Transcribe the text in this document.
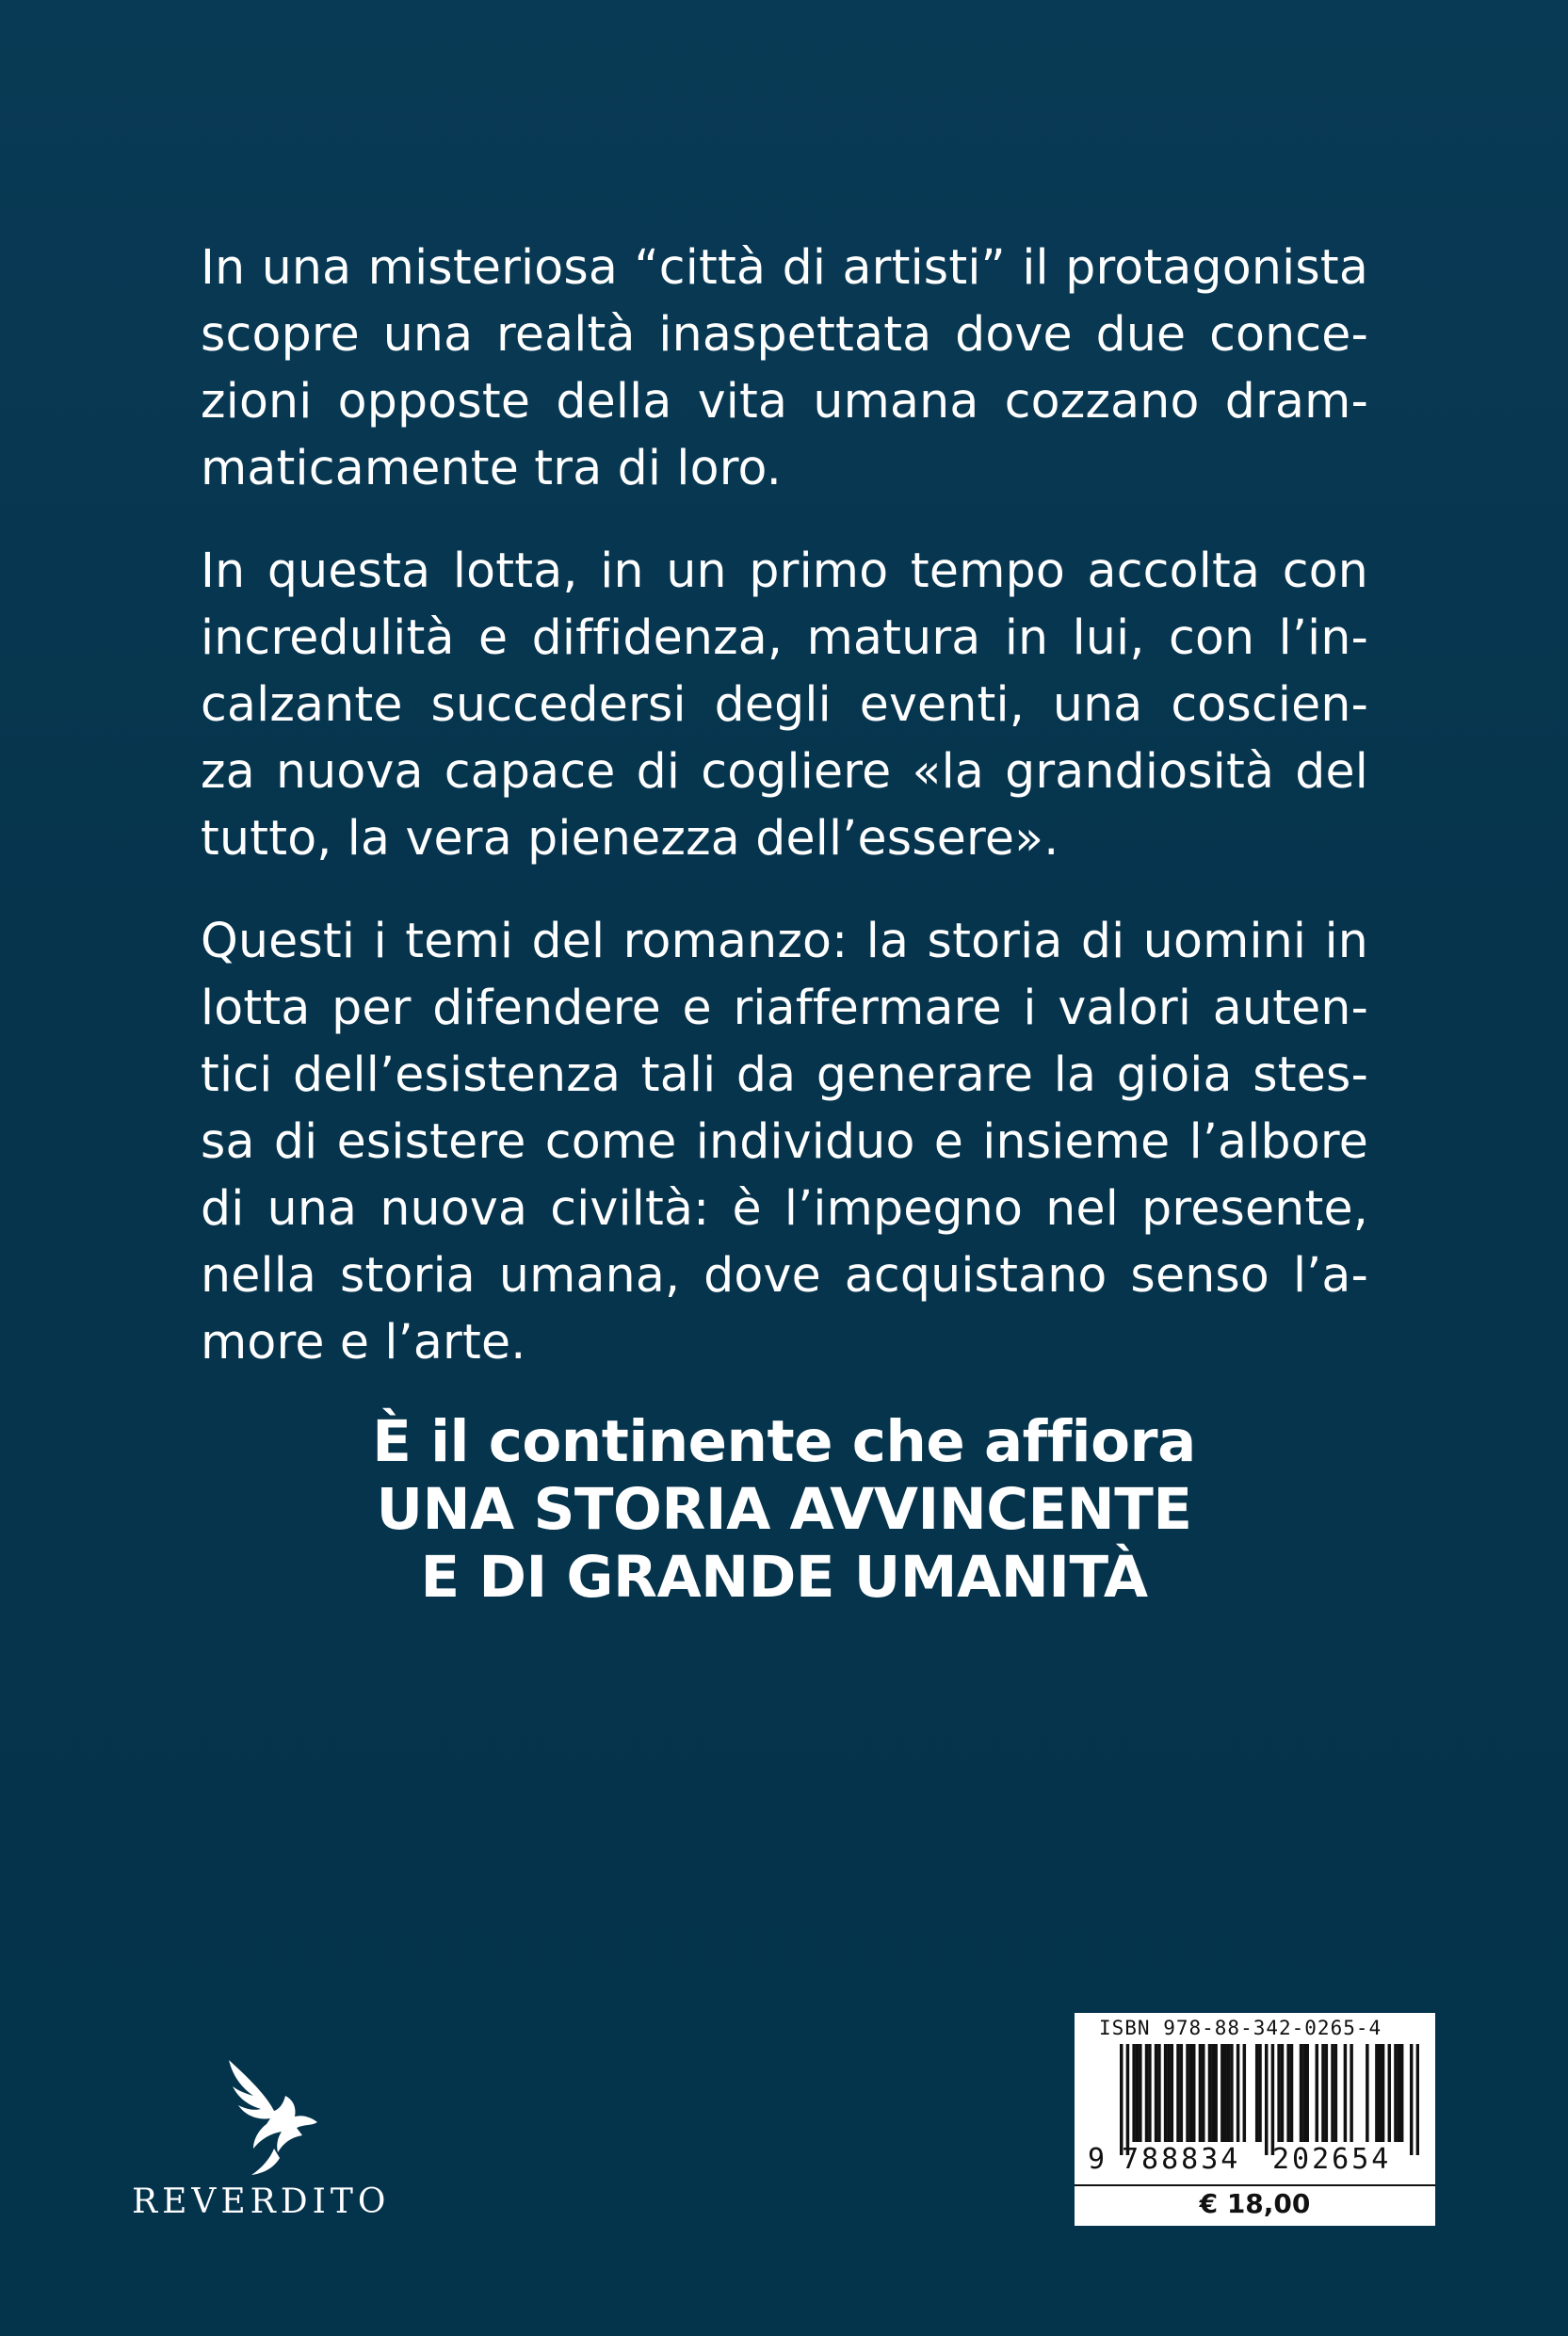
In una misteriosa “città di artisti” il protagonista
scopre una realtà inaspettata dove due conce-
zioni opposte della vita umana cozzano dram-
maticamente tra di loro.

In questa lotta, in un primo tempo accolta con
incredulità e diffidenza, matura in lui, con l’in-
calzante succedersi degli eventi, una coscien-
za nuova capace di cogliere «la grandiosità del
tutto, la vera pienezza dell’essere».

Questi i temi del romanzo: la storia di uomini in
lotta per difendere e riaffermare i valori auten-
tici dell’esistenza tali da generare la gioia stes-
sa di esistere come individuo e insieme l’albore
di una nuova civiltà: è l’impegno nel presente,
nella storia umana, dove acquistano senso l’a-
more e l’arte.

È il continente che affiora
UNA STORIA AVVINCENTE
E DI GRANDE UMANITÀ
REVERDITO
ISBN 978-88-342-0265-4
9 788834 202654
€ 18,00
